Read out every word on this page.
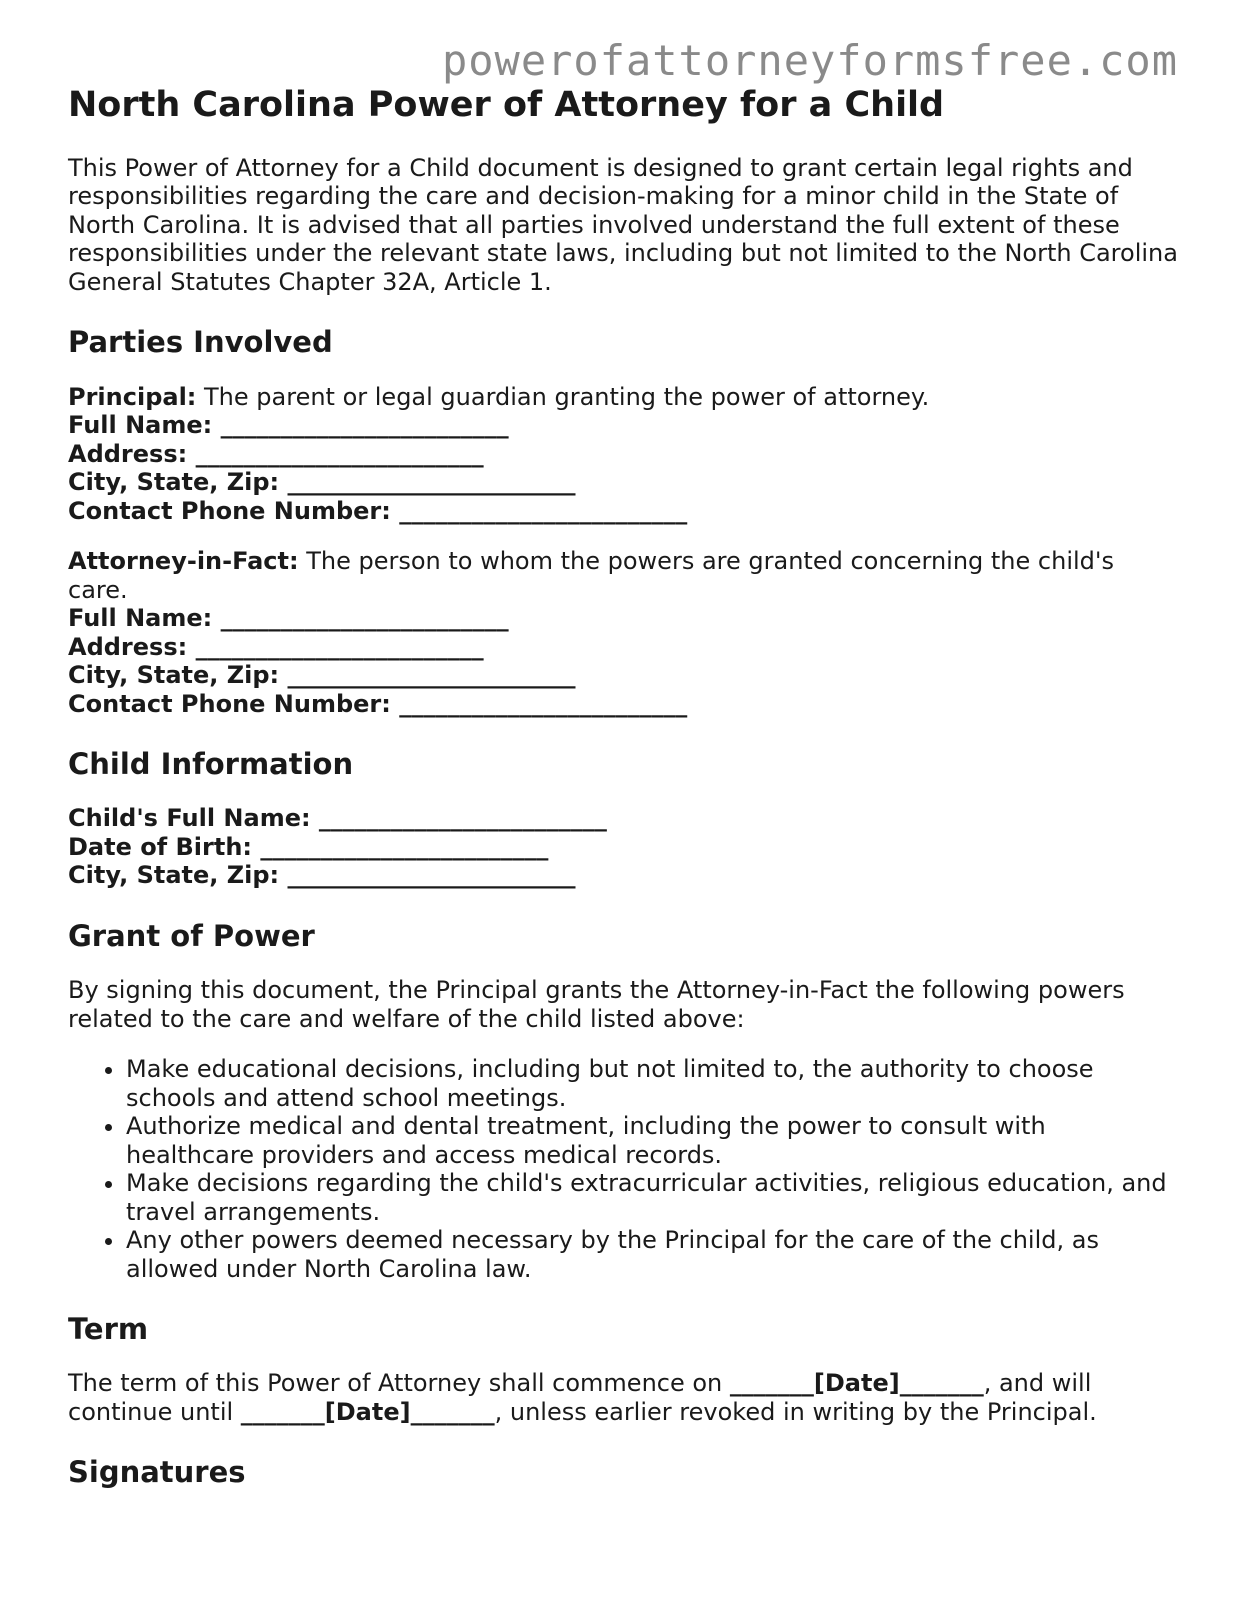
powerofattorneyformsfree.com
North Carolina Power of Attorney for a Child

This Power of Attorney for a Child document is designed to grant certain legal rights and responsibilities regarding the care and decision-making for a minor child in the State of North Carolina. It is advised that all parties involved understand the full extent of these responsibilities under the relevant state laws, including but not limited to the North Carolina General Statutes Chapter 32A, Article 1.

Parties Involved

Principal: The parent or legal guardian granting the power of attorney.

Full Name: ________________________
Address: ________________________
City, State, Zip: ________________________
Contact Phone Number: ________________________

Attorney-in-Fact: The person to whom the powers are granted concerning the child's care.

Full Name: ________________________
Address: ________________________
City, State, Zip: ________________________
Contact Phone Number: ________________________
Child Information
Child's Full Name: ________________________
Date of Birth: ________________________
City, State, Zip: ________________________
Grant of Power

By signing this document, the Principal grants the Attorney-in-Fact the following powers related to the care and welfare of the child listed above:

• Make educational decisions, including but not limited to, the authority to choose schools and attend school meetings.
• Authorize medical and dental treatment, including the power to consult with healthcare providers and access medical records.
• Make decisions regarding the child's extracurricular activities, religious education, and travel arrangements.
• Any other powers deemed necessary by the Principal for the care of the child, as allowed under North Carolina law.
Term

The term of this Power of Attorney shall commence on _______[Date]_______, and will continue until _______[Date]_______, unless earlier revoked in writing by the Principal.

Signatures
